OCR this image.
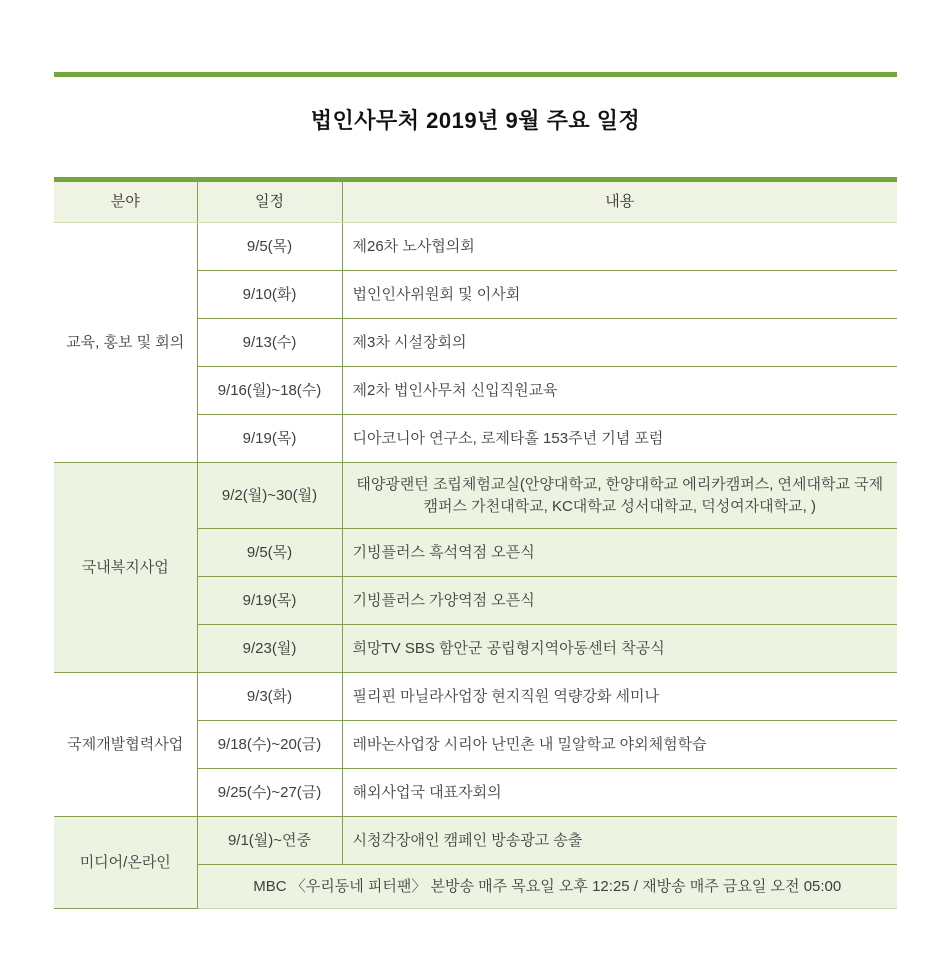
법인사무처 2019년 9월 주요 일정
분야	일정	내용
교육, 홍보 및 회의	9/5(목)	제26차 노사협의회
	9/10(화)	법인인사위원회 및 이사회
	9/13(수)	제3차 시설장회의
	9/16(월)~18(수)	제2차 법인사무처 신입직원교육
	9/19(목)	디아코니아 연구소, 로제타홀 153주년 기념 포럼
국내복지사업	9/2(월)~30(월)	태양광랜턴 조립체험교실(안양대학교, 한양대학교 에리카캠퍼스, 연세대학교 국제캠퍼스 가천대학교, KC대학교 성서대학교, 덕성여자대학교, )
	9/5(목)	기빙플러스 흑석역점 오픈식
	9/19(목)	기빙플러스 가양역점 오픈식
	9/23(월)	희망TV SBS 함안군 공립형지역아동센터 착공식
국제개발협력사업	9/3(화)	필리핀 마닐라사업장 현지직원 역량강화 세미나
	9/18(수)~20(금)	레바논사업장 시리아 난민촌 내 밀알학교 야외체험학습
	9/25(수)~27(금)	해외사업국 대표자회의
미디어/온라인	9/1(월)~연중	시청각장애인 캠페인 방송광고 송출
	MBC 〈우리동네 피터팬〉 본방송 매주 목요일 오후 12:25 / 재방송 매주 금요일 오전 05:00	
